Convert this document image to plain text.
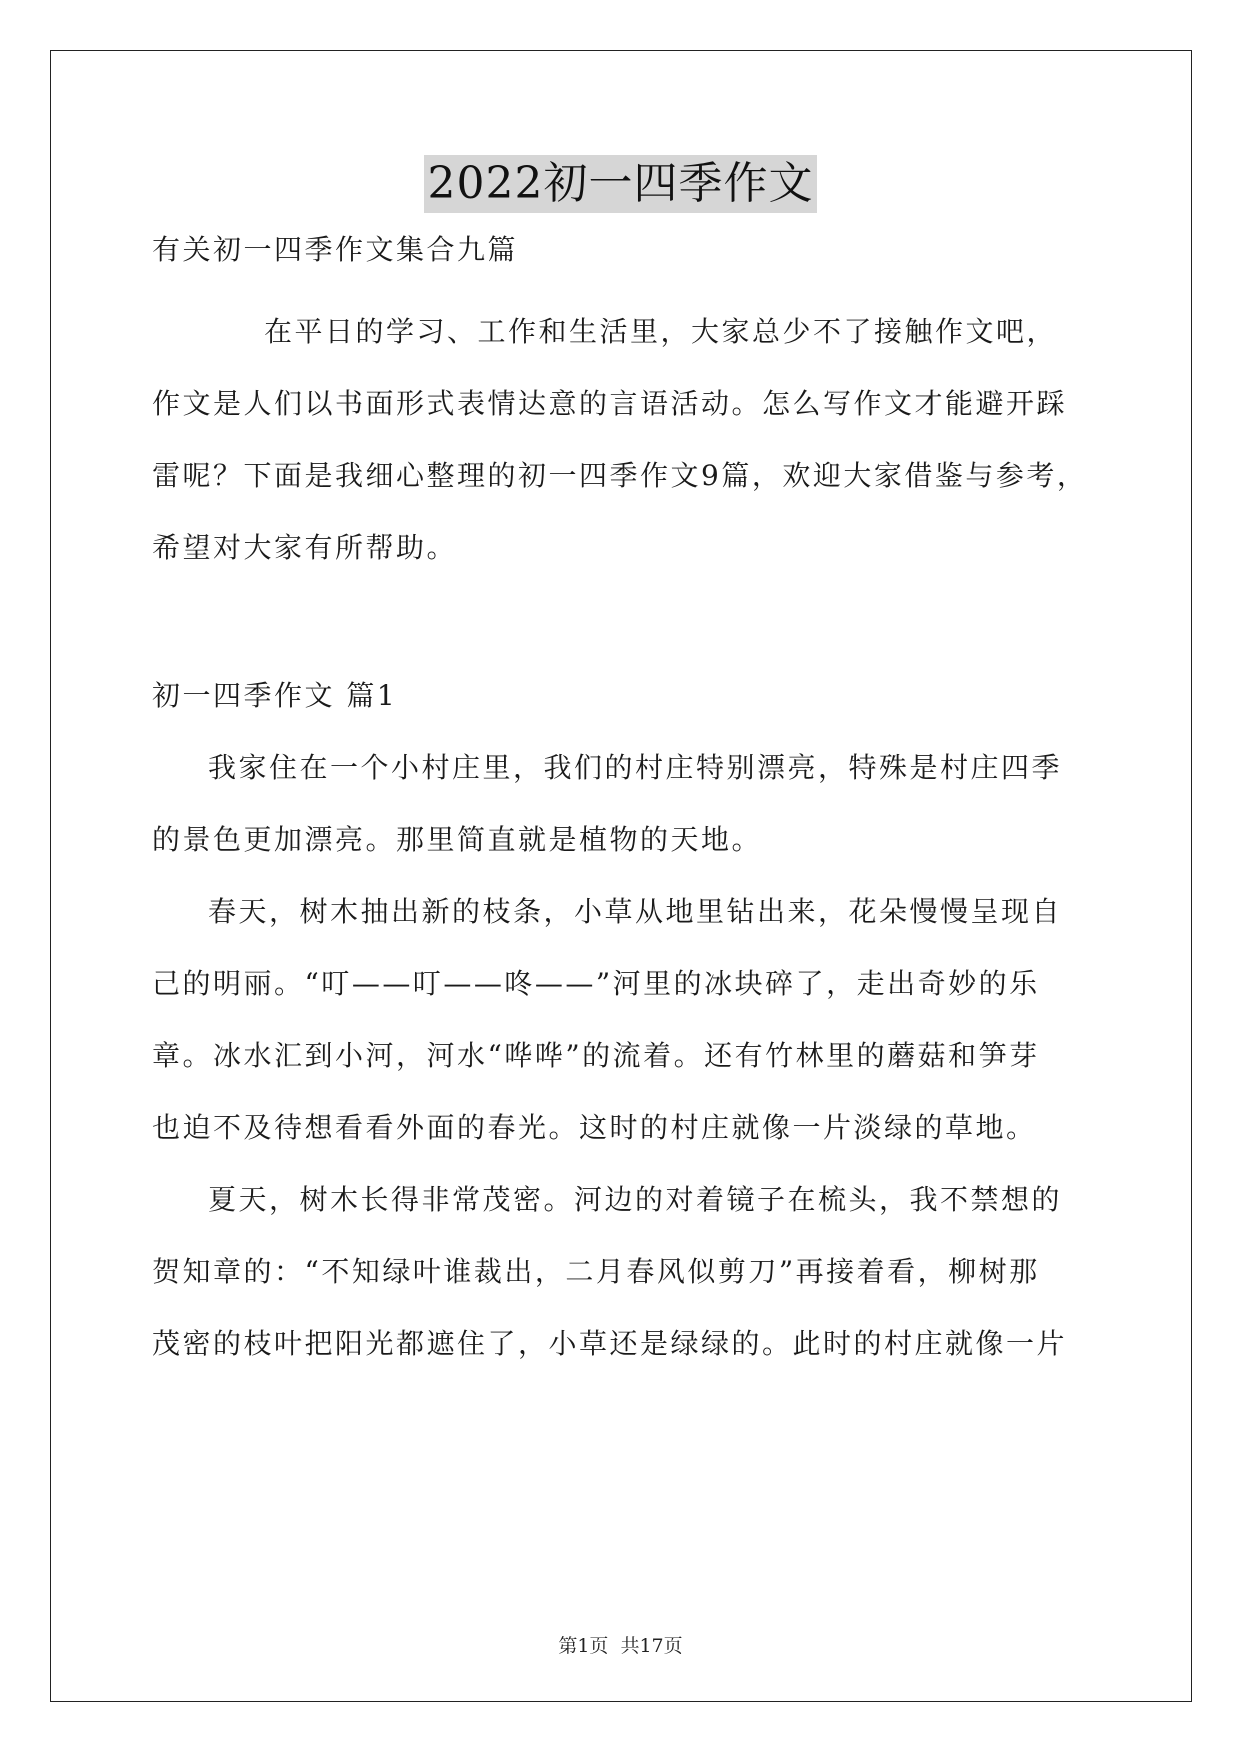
2022初一四季作文
有关初一四季作文集合九篇
在平日的学习、工作和生活里，大家总少不了接触作文吧，
作文是人们以书面形式表情达意的言语活动。怎么写作文才能避开踩
雷呢？下面是我细心整理的初一四季作文9篇，欢迎大家借鉴与参考，
希望对大家有所帮助。
初一四季作文 篇1
我家住在一个小村庄里，我们的村庄特别漂亮，特殊是村庄四季
的景色更加漂亮。那里简直就是植物的天地。
春天，树木抽出新的枝条，小草从地里钻出来，花朵慢慢呈现自
己的明丽。“叮——叮——咚——”河里的冰块碎了，走出奇妙的乐
章。冰水汇到小河，河水“哗哗”的流着。还有竹林里的蘑菇和笋芽
也迫不及待想看看外面的春光。这时的村庄就像一片淡绿的草地。
夏天，树木长得非常茂密。河边的对着镜子在梳头，我不禁想的
贺知章的：“不知绿叶谁裁出，二月春风似剪刀”再接着看，柳树那
茂密的枝叶把阳光都遮住了，小草还是绿绿的。此时的村庄就像一片
第1页 共17页
